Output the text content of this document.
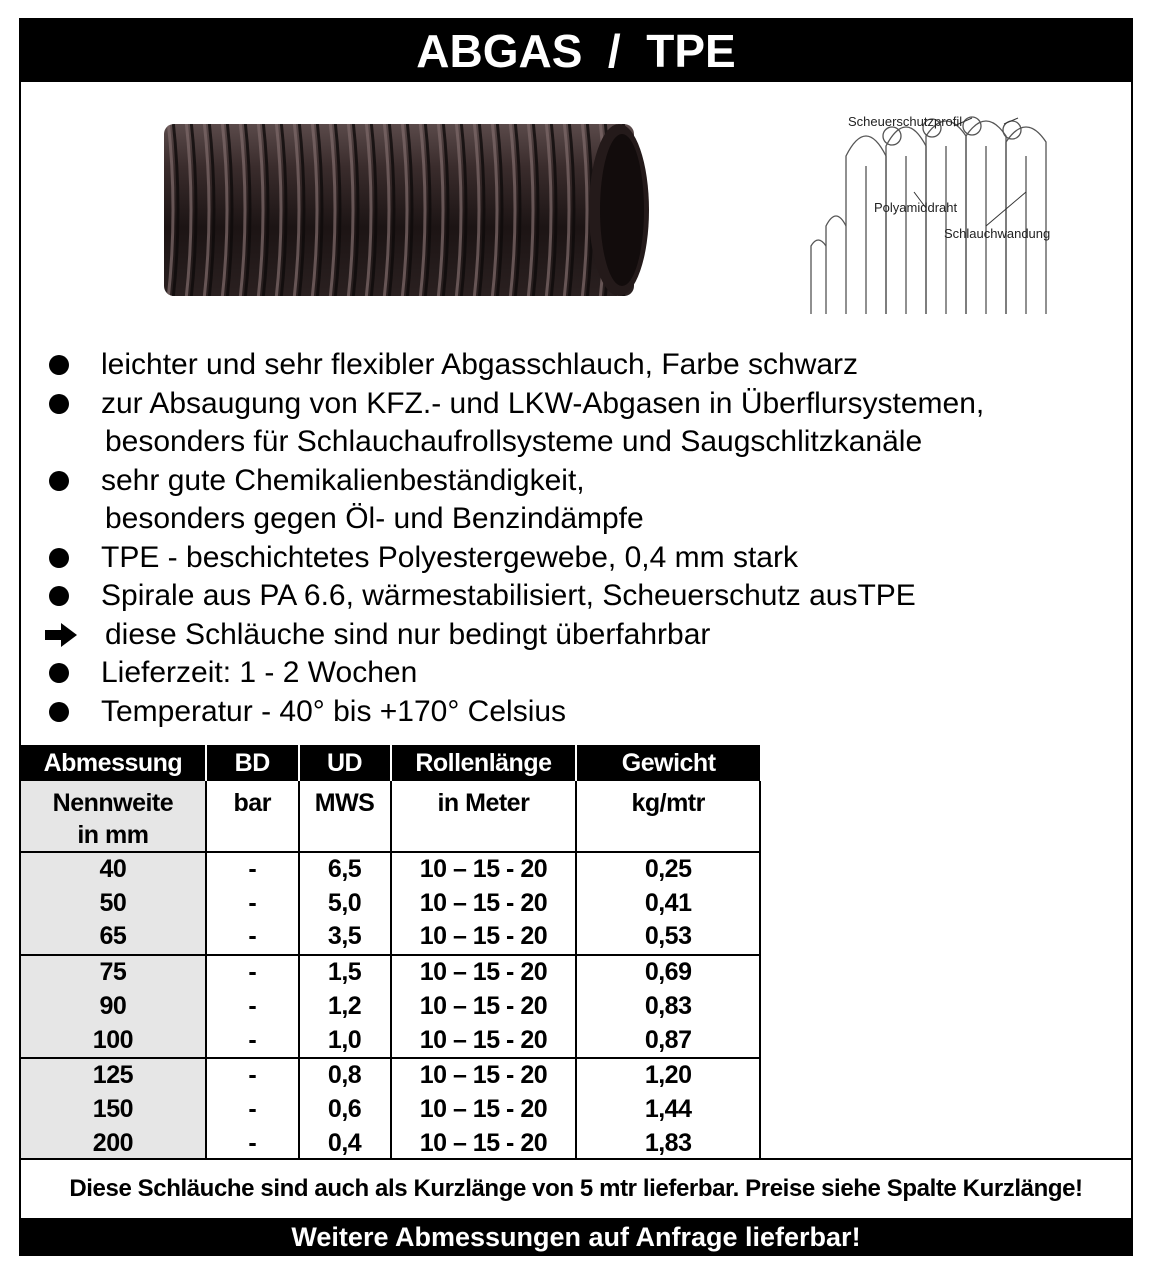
ABGAS  /  TPE
Scheuerschutzprofil
Polyamiddraht
Schlauchwandung
leichter und sehr flexibler Abgasschlauch, Farbe schwarz
zur Absaugung von KFZ.- und LKW-Abgasen in Überflursystemen,
besonders für Schlauchaufrollsysteme und Saugschlitzkanäle
sehr gute Chemikalienbeständigkeit,
besonders gegen Öl- und Benzindämpfe
TPE - beschichtetes Polyestergewebe, 0,4 mm stark
Spirale aus PA 6.6, wärmestabilisiert, Scheuerschutz ausTPE
diese Schläuche sind nur bedingt überfahrbar
Lieferzeit: 1 - 2 Wochen
Temperatur - 40° bis +170° Celsius
Abmessung	BD	UD	Rollenlänge	Gewicht
Nennweite
in mm	bar	MWS	in Meter	kg/mtr
40	-	6,5	10 – 15 - 20	0,25
50	-	5,0	10 – 15 - 20	0,41
65	-	3,5	10 – 15 - 20	0,53
75	-	1,5	10 – 15 - 20	0,69
90	-	1,2	10 – 15 - 20	0,83
100	-	1,0	10 – 15 - 20	0,87
125	-	0,8	10 – 15 - 20	1,20
150	-	0,6	10 – 15 - 20	1,44
200	-	0,4	10 – 15 - 20	1,83
Diese Schläuche sind auch als Kurzlänge von 5 mtr lieferbar. Preise siehe Spalte Kurzlänge!
Weitere Abmessungen auf Anfrage lieferbar!
